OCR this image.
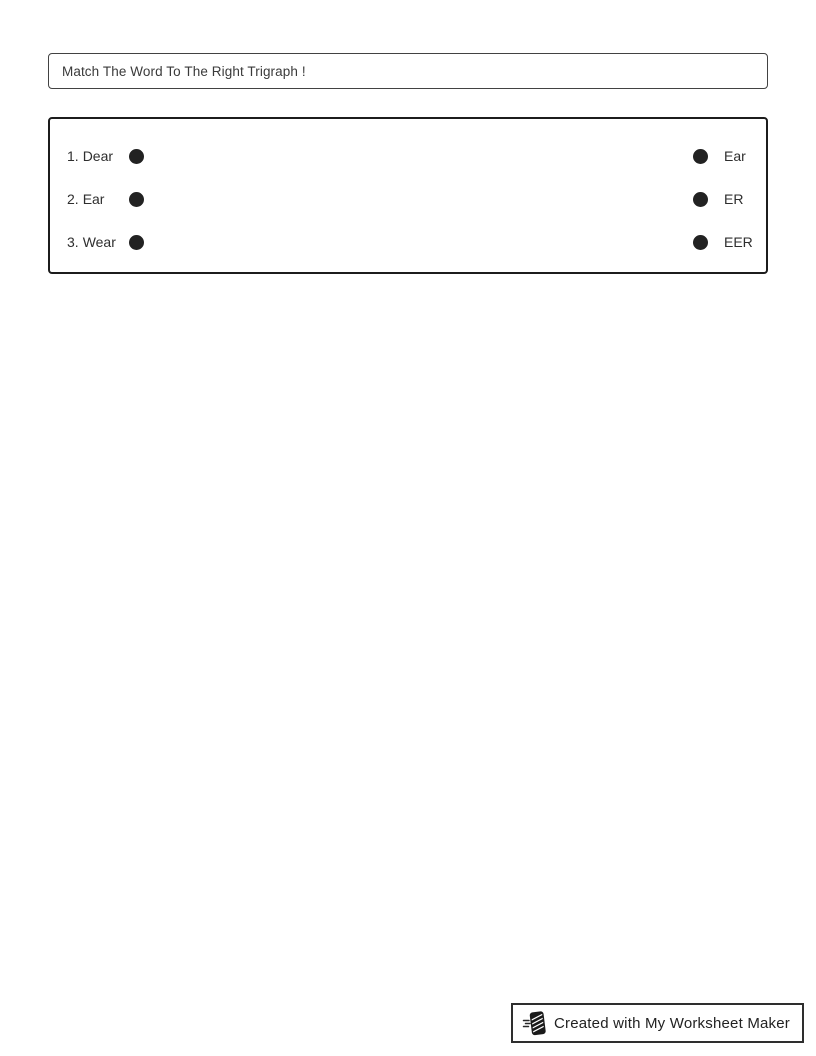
Match The Word To The Right Trigraph !
1. Dear	Ear
2. Ear	ER
3. Wear	EER
Created with My Worksheet Maker
